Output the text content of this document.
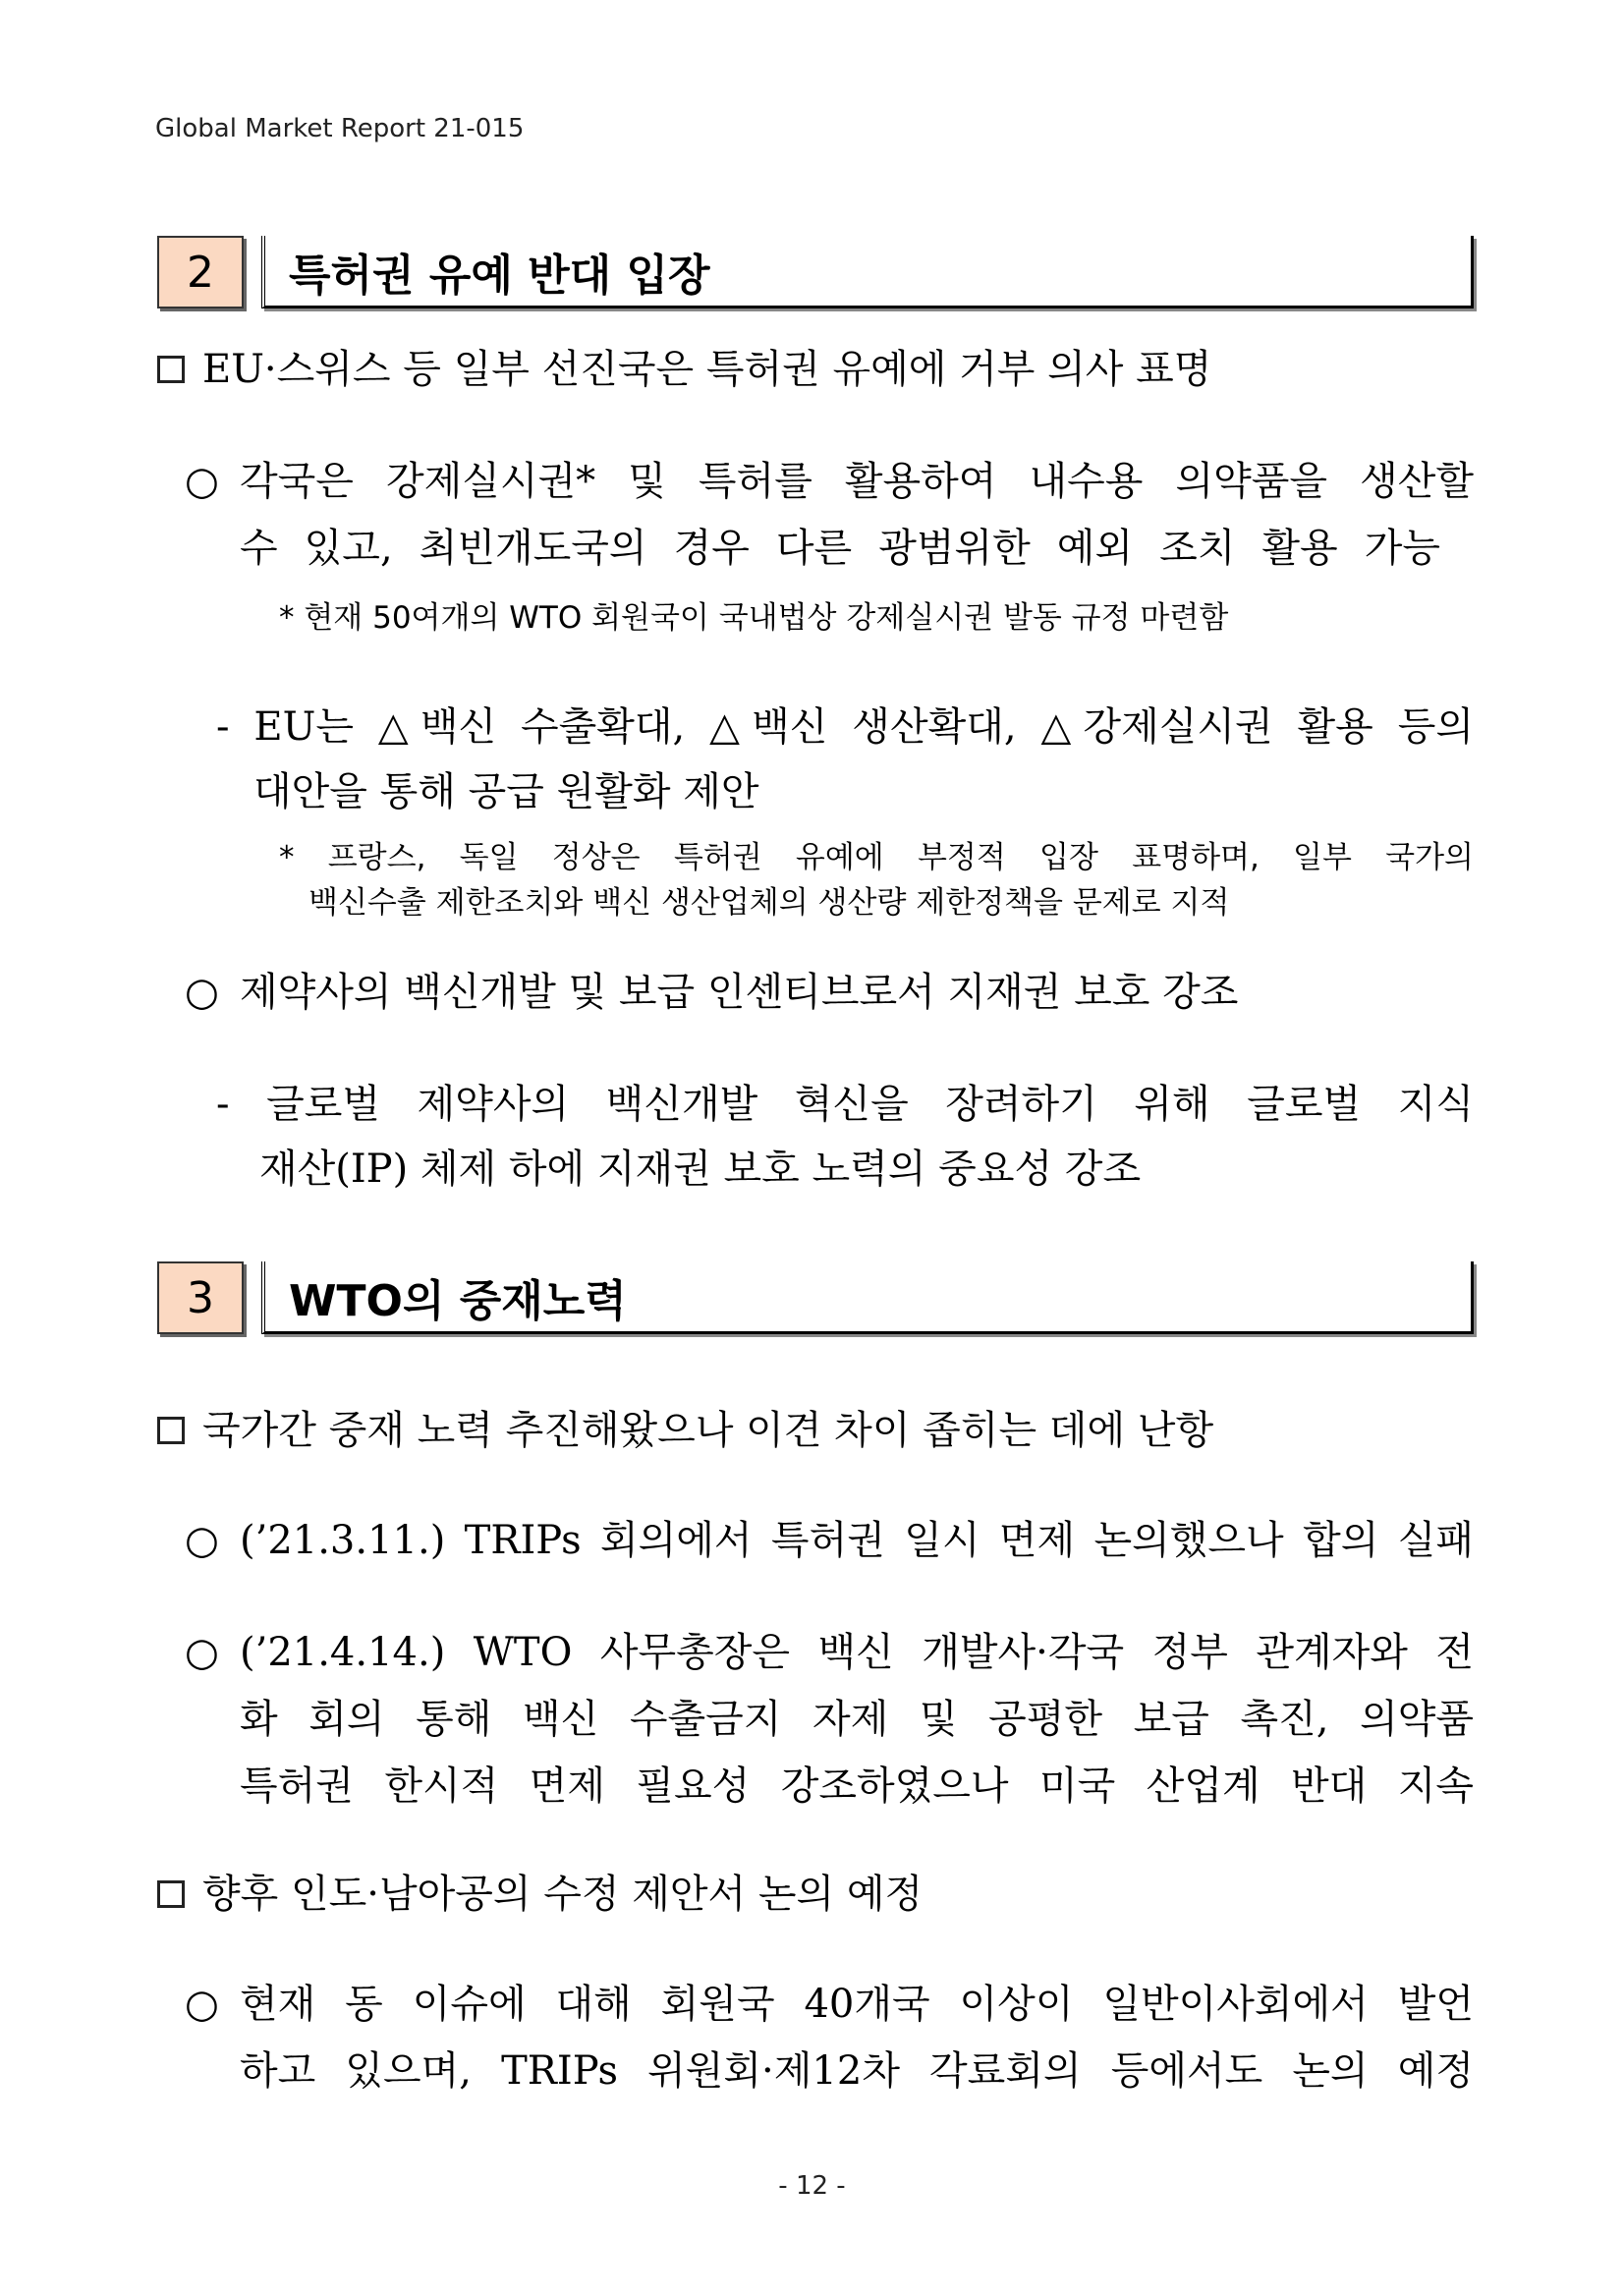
Global Market Report 21-015
2	특허권 유예 반대 입장
EU·스위스 등 일부 선진국은 특허권 유예에 거부 의사 표명
○ 각국은 강제실시권* 및 특허를 활용하여 내수용 의약품을 생산할
수 있고, 최빈개도국의 경우 다른 광범위한 예외 조치 활용 가능
* 현재 50여개의 WTO 회원국이 국내법상 강제실시권 발동 규정 마련함
- EU는 △백신 수출확대, △백신 생산확대, △강제실시권 활용 등의
대안을 통해 공급 원활화 제안
* 프랑스, 독일 정상은 특허권 유예에 부정적 입장 표명하며, 일부 국가의
백신수출 제한조치와 백신 생산업체의 생산량 제한정책을 문제로 지적
○ 제약사의 백신개발 및 보급 인센티브로서 지재권 보호 강조
- 글로벌 제약사의 백신개발 혁신을 장려하기 위해 글로벌 지식
재산(IP) 체제 하에 지재권 보호 노력의 중요성 강조
3	WTO의 중재노력
국가간 중재 노력 추진해왔으나 이견 차이 좁히는 데에 난항
○ (’21.3.11.) TRIPs 회의에서 특허권 일시 면제 논의했으나 합의 실패
○ (’21.4.14.) WTO 사무총장은 백신 개발사·각국 정부 관계자와 전
화 회의 통해 백신 수출금지 자제 및 공평한 보급 촉진, 의약품
특허권 한시적 면제 필요성 강조하였으나 미국 산업계 반대 지속
향후 인도·남아공의 수정 제안서 논의 예정
○ 현재 동 이슈에 대해 회원국 40개국 이상이 일반이사회에서 발언
하고 있으며, TRIPs 위원회·제12차 각료회의 등에서도 논의 예정
- 12 -
